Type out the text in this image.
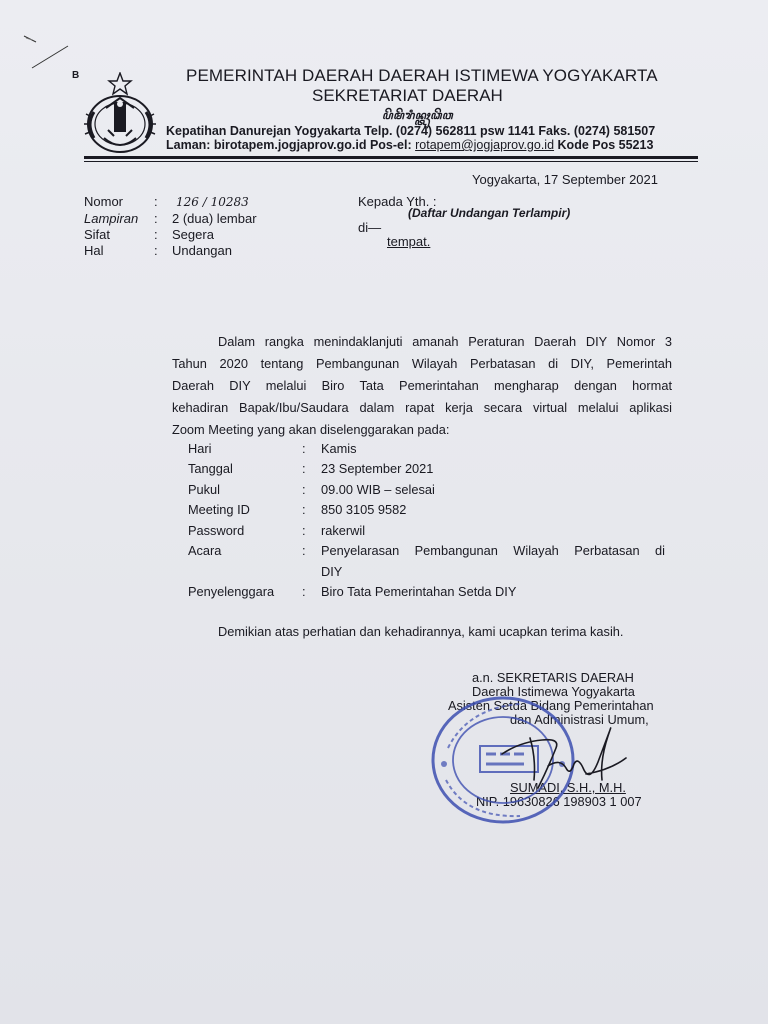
B	PEMERINTAH DAERAH DAERAH ISTIMEWA YOGYAKARTA
SEKRETARIAT DAERAH
ꦥꦼꦩꦼꦫꦶꦤ꧀ꦠꦃꦣꦼꦮ
Kepatihan Danurejan Yogyakarta Telp. (0274) 562811 psw 1141 Faks. (0274) 581507
Laman: birotapem.jogjaprov.go.id Pos-el: rotapem@jogjaprov.go.id Kode Pos 55213
Yogyakarta, 17 September 2021
Nomor : 126 / 10283
Lampiran : 2 (dua) lembar
Sifat	: Segera
Hal	: Undangan
Kepada Yth. :
(Daftar Undangan Terlampir)
di—
tempat.
Dalam rangka menindaklanjuti amanah Peraturan Daerah DIY Nomor 3
Tahun 2020 tentang Pembangunan Wilayah Perbatasan di DIY, Pemerintah
Daerah DIY melalui Biro Tata Pemerintahan mengharap dengan hormat
kehadiran Bapak/Ibu/Saudara dalam rapat kerja secara virtual melalui aplikasi
Zoom Meeting yang akan diselenggarakan pada:
Hari	: Kamis
Tanggal	: 23 September 2021
Pukul	: 09.00 WIB – selesai
Meeting ID	: 850 3105 9582
Password	: rakerwil
Acara	: Penyelarasan Pembangunan Wilayah Perbatasan di
DIY
Penyelenggara : Biro Tata Pemerintahan Setda DIY
Demikian atas perhatian dan kehadirannya, kami ucapkan terima kasih.
a.n. SEKRETARIS DAERAH
Daerah Istimewa Yogyakarta
Asisten Setda Bidang Pemerintahan
dan Administrasi Umum,
SUMADI, S.H., M.H.
NIP. 19630826 198903 1 007
